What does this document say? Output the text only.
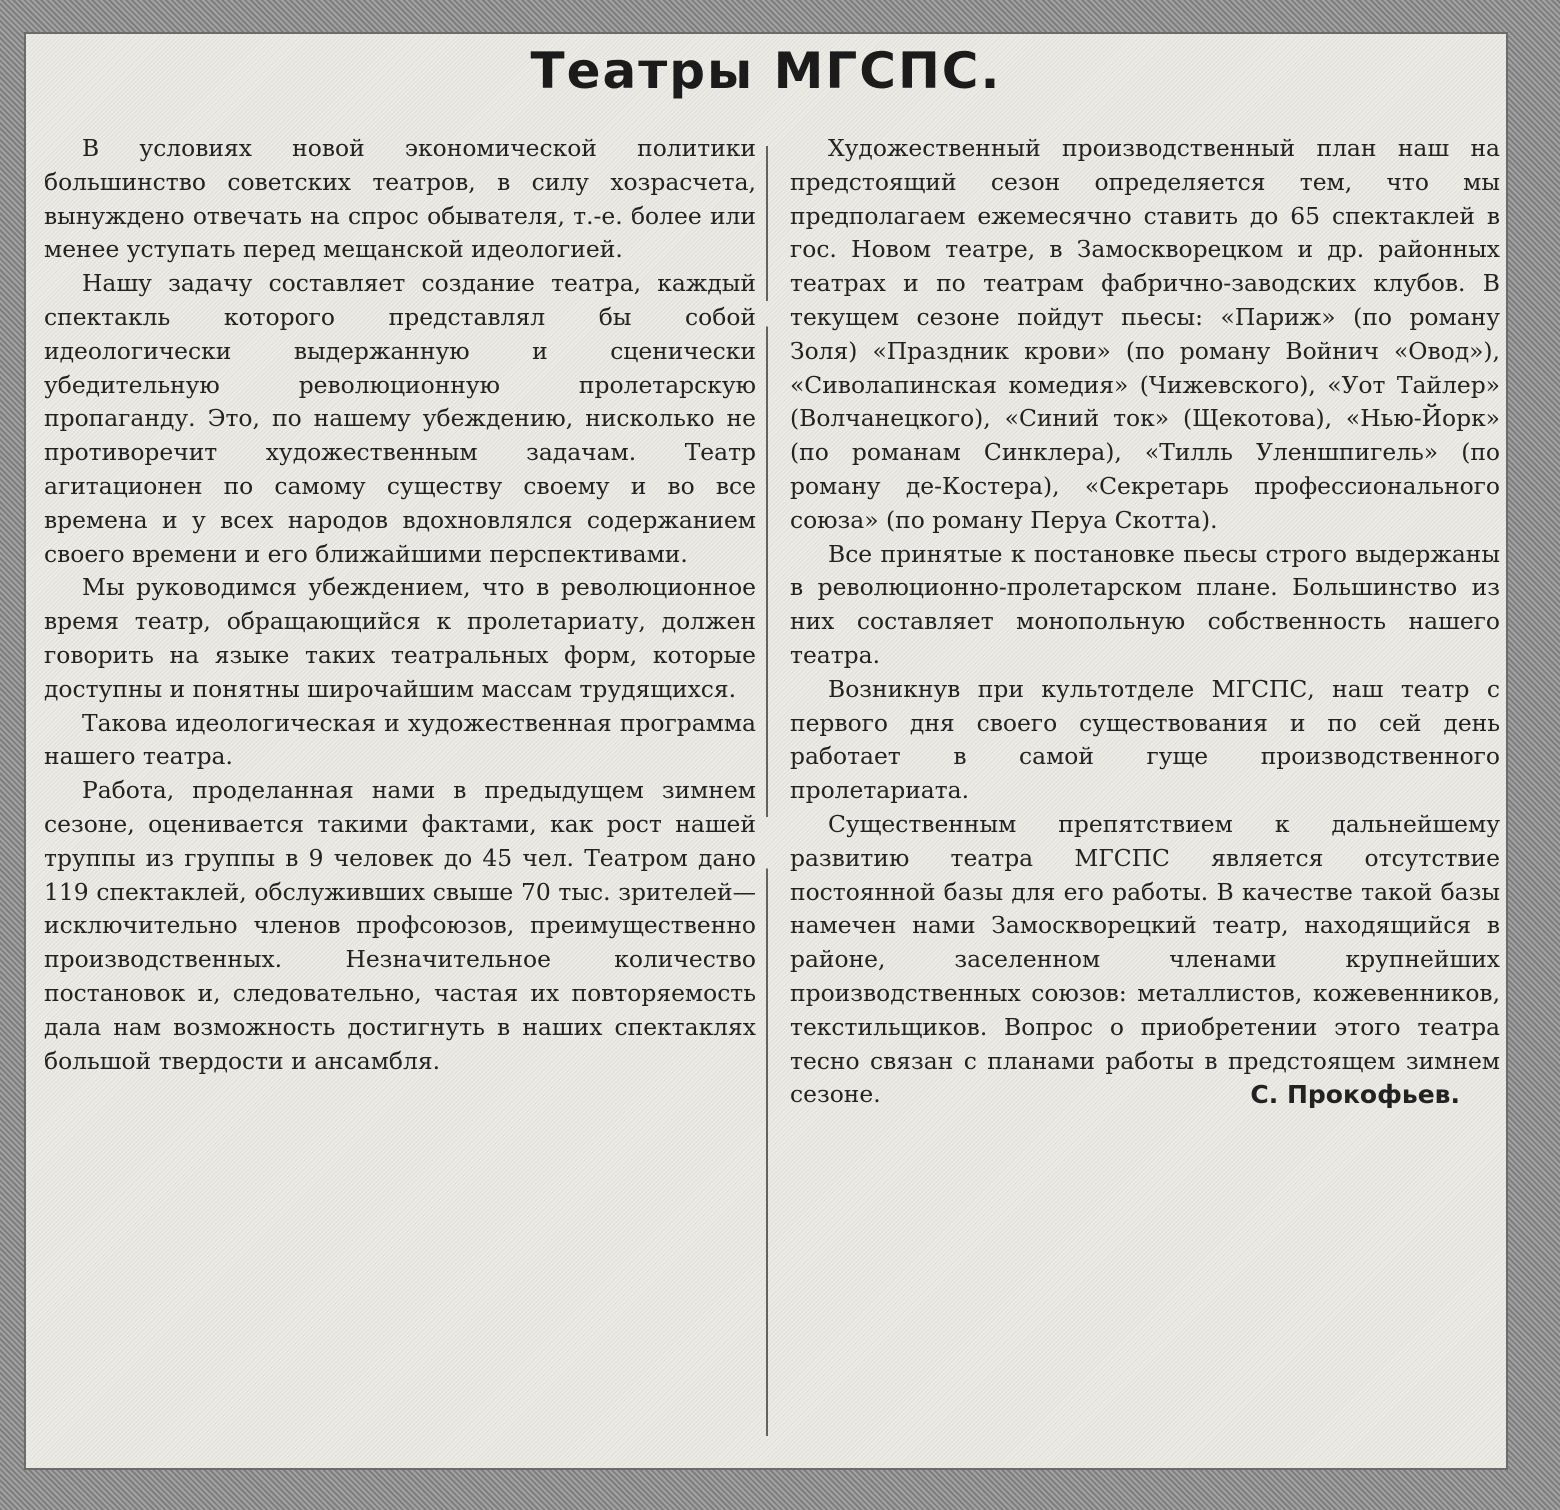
Театры МГСПС.

В условиях новой экономической политики большинство советских театров, в силу хозрасчета, вынуждено отвечать на спрос обывателя, т.-е. более или менее уступать перед мещанской идеологией.

Нашу задачу составляет создание театра, каждый спектакль которого представлял бы собой идеологически выдержанную и сценически убедительную революционную пролетарскую пропаганду. Это, по нашему убеждению, нисколько не противоречит художественным задачам. Театр агитационен по самому существу своему и во все времена и у всех народов вдохновлялся содержанием своего времени и его ближайшими перспективами.

Мы руководимся убеждением, что в революционное время театр, обращающийся к пролетариату, должен говорить на языке таких театральных форм, которые доступны и понятны широчайшим массам трудящихся.

Такова идеологическая и художественная программа нашего театра.

Работа, проделанная нами в предыдущем зимнем сезоне, оценивается такими фактами, как рост нашей труппы из группы в 9 человек до 45 чел. Театром дано 119 спектаклей, обслуживших свыше 70 тыс. зрителей—исключительно членов профсоюзов, преимущественно производственных. Незначительное количество постановок и, следовательно, частая их повторяемость дала нам возможность достигнуть в наших спектаклях большой твердости и ансамбля.

Художественный производственный план наш на предстоящий сезон определяется тем, что мы предполагаем ежемесячно ставить до 65 спектаклей в гос. Новом театре, в Замоскворецком и др. районных театрах и по театрам фабрично-заводских клубов. В текущем сезоне пойдут пьесы: «Париж» (по роману Золя) «Праздник крови» (по роману Войнич «Овод»), «Сиволапинская комедия» (Чижевского), «Уот Тайлер» (Волчанецкого), «Синий ток» (Щекотова), «Нью-Йорк» (по романам Синклера), «Тилль Уленшпигель» (по роману де-Костера), «Секретарь профессионального союза» (по роману Перуа Скотта).

Все принятые к постановке пьесы строго выдержаны в революционно-пролетарском плане. Большинство из них составляет монопольную собственность нашего театра.

Возникнув при культотделе МГСПС, наш театр с первого дня своего существования и по сей день работает в самой гуще производственного пролетариата.

Существенным препятствием к дальнейшему развитию театра МГСПС является отсутствие постоянной базы для его работы. В качестве такой базы намечен нами Замоскворецкий театр, находящийся в районе, заселенном членами крупнейших производственных союзов: металлистов, кожевенников, текстильщиков. Вопрос о приобретении этого театра тесно связан с планами работы в предстоящем зимнем сезоне.	С. Прокофьев.
